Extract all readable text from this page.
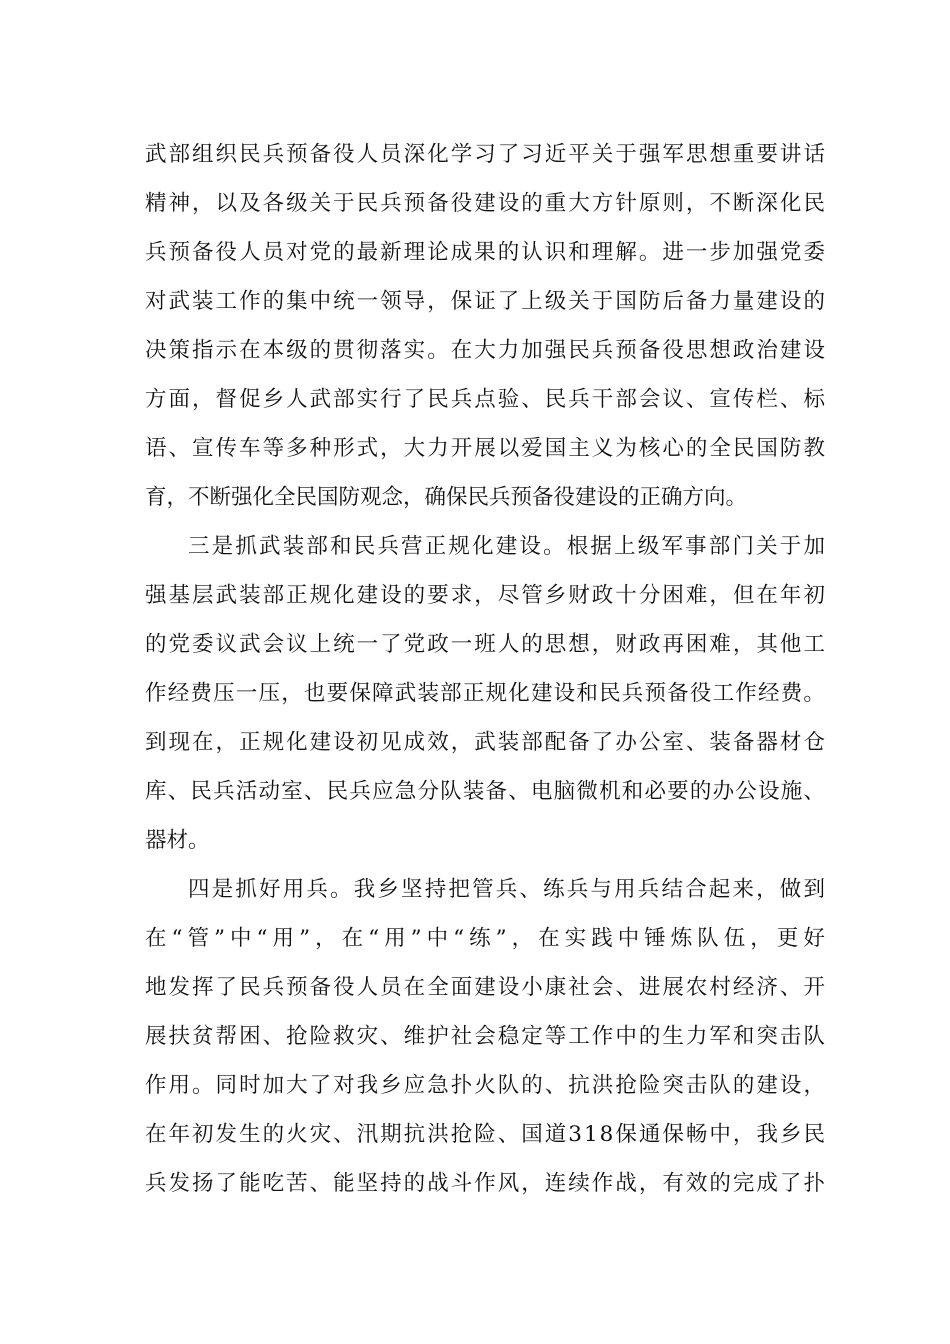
武 部 组 织 民 兵 预 备 役 人 员 深 化 学 习 了 习 近 平 关 于 强 军 思 想 重 要 讲 话

精 神 ， 以 及 各 级 关 于 民 兵 预 备 役 建 设 的 重 大 方 针 原 则 ， 不 断 深 化 民

兵 预 备 役 人 员 对 党 的 最 新 理 论 成 果 的 认 识 和 理 解 。 进 一 步 加 强 党 委

对 武 装 工 作 的 集 中 统 一 领 导 ， 保 证 了 上 级 关 于 国 防 后 备 力 量 建 设 的

决 策 指 示 在 本 级 的 贯 彻 落 实 。 在 大 力 加 强 民 兵 预 备 役 思 想 政 治 建 设

方 面 ， 督 促 乡 人 武 部 实 行 了 民 兵 点 验 、 民 兵 干 部 会 议 、 宣 传 栏 、 标

语 、 宣 传 车 等 多 种 形 式 ， 大 力 开 展 以 爱 国 主 义 为 核 心 的 全 民 国 防 教

育，不断强化全民国防观念，确保民兵预备役建设的正确方向。

三 是 抓 武 装 部 和 民 兵 营 正 规 化 建 设 。 根 据 上 级 军 事 部 门 关 于 加

强 基 层 武 装 部 正 规 化 建 设 的 要 求 ， 尽 管 乡 财 政 十 分 困 难 ， 但 在 年 初

的 党 委 议 武 会 议 上 统 一 了 党 政 一 班 人 的 思 想 ， 财 政 再 困 难 ， 其 他 工

作 经 费 压 一 压 ， 也 要 保 障 武 装 部 正 规 化 建 设 和 民 兵 预 备 役 工 作 经 费 。

到 现 在 ， 正 规 化 建 设 初 见 成 效 ， 武 装 部 配 备 了 办 公 室 、 装 备 器 材 仓

库 、 民 兵 活 动 室 、 民 兵 应 急 分 队 装 备 、 电 脑 微 机 和 必 要 的 办 公 设 施 、

器材。

四 是 抓 好 用 兵 。 我 乡 坚 持 把 管 兵 、 练 兵 与 用 兵 结 合 起 来 ， 做 到

在 “ 管 ” 中 “ 用 ” ， 在 “ 用 ” 中 “ 练 ” ， 在 实 践 中 锤 炼 队 伍 ， 更 好

地 发 挥 了 民 兵 预 备 役 人 员 在 全 面 建 设 小 康 社 会 、 进 展 农 村 经 济 、 开

展 扶 贫 帮 困 、 抢 险 救 灾 、 维 护 社 会 稳 定 等 工 作 中 的 生 力 军 和 突 击 队

作 用 。 同 时 加 大 了 对 我 乡 应 急 扑 火 队 的 、 抗 洪 抢 险 突 击 队 的 建 设 ，

在 年 初 发 生 的 火 灾 、 汛 期 抗 洪 抢 险 、 国 道 3 1 8 保 通 保 畅 中 ， 我 乡 民

兵 发 扬 了 能 吃 苦 、 能 坚 持 的 战 斗 作 风 ， 连 续 作 战 ， 有 效 的 完 成 了 扑
